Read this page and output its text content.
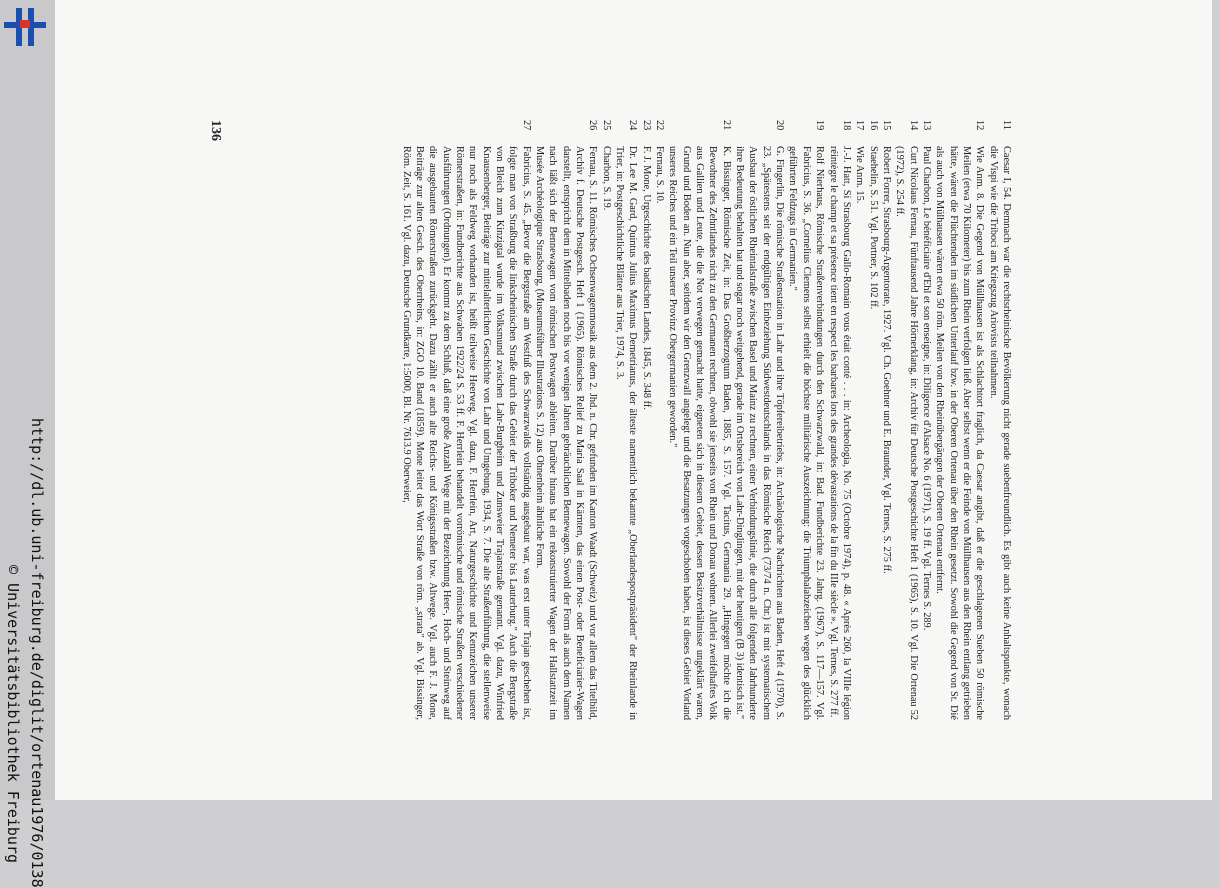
http://dl.ub.uni-freiburg.de/diglit/ortenau1976/0138
© Universitätsbibliothek Freiburg

11
Caesar I, 54. Demnach war die rechtsrheinische Bevölkerung nicht gerade suebenfreundlich. Es gibt auch keine Anhaltspunkte, wonach die Vispi wie die Triboci am Kriegszug Ariovists teilnahmen.

12
Wie Anm. 8. Die Gegend von Müllhausen ist als Schlachtort fraglich, da Caesar angibt, daß er die geschlagenen Sueben 50 römische Meilen (etwa 70 Kilometer) bis zum Rhein verfolgen ließ. Aber selbst wenn er die Feinde von Müllhausen aus den Rhein entlang getrieben hätte, wären die Flüchtenden im südlichen Unterlauf bzw. in der Oberen Ortenau über den Rhein gesetzt. Sowohl die Gegend von St. Dié als auch von Mülhausen wären etwa 50 röm. Meilen von den Rheinübergängen der Oberen Ortenau entfernt.

13
Paul Charbon, Le bénéficiaire d'Ehl et son enseigne, in: Diligence d'Alsace No. 6 (1971), S. 19 ff. Vgl. Ternes S. 289.

14
Curt Nicolaus Fernau, Fünftausend Jahre Hörnerklang, in: Archiv für Deutsche Postgeschichte Heft 1 (1965), S. 10. Vgl. Die Ortenau 52 (1972), S. 254 ff.

15
Robert Forrer, Strasbourg-Argentorate, 1927. Vgl. Ch. Goehner und E. Braunder, Vgl. Ternes, S. 275 ff.

16
Staehelin, S. 51. Vgl. Portner, S. 102 ff.

17
Wie Anm. 15.

18
J.-J. Hatt, Si Strasbourg Gallo-Romain vous était conté . . . in: Archeologia, No. 75 (Octobre 1974), p. 48. « Après 260, la VIIIe légion réintègre le champ et sa présence tient en respect les barbares lors des grandes dévastations de la fin du IIIe siècle ». Vgl. Ternes, S. 277 ff.

19
Rolf Nierhaus, Römische Straßenverbindungen durch den Schwarzwald, in: Bad. Fundberichte 23. Jahrg. (1967), S. 117—157. Vgl. Fabricius, S. 36. „Cornelius Clemens selbst erhielt die höchste militärische Auszeichnung: die Triumphalabzeichen wegen des glücklich geführten Feldzugs in Germanien."

20
G. Fingerlin, Die römische Straßenstation in Lahr und ihre Töpfereibetriebs, in: Archäologische Nachrichten aus Baden, Heft 4 (1970), S. 23. „Spätestens seit der endgültigen Einbeziehung Südwestdeutschlands in das Römische Reich (73/74 n. Chr.) ist mit systematischem Ausbau der östlichen Rheintalstraße zwischen Basel und Mainz zu rechnen, einer Verbindungslinie, die durch alle folgenden Jahrhunderte ihre Bedeutung behalten hat und sogar noch weitgehend, gerade im Ortsbereich von Lahr-Dinglingen, mit der heutigen (B 3) identisch ist."

21
K. Bissinger, Römische Zeit, in: Das Großherzogtum Baden, 1885, S. 157. Vgl. Tacitus, Germania 29. „Hingegen möchte ich die Bewohner des Zehntlandes nicht zu den Germanen rechnen, obwohl sie jenseits von Rhein und Donau wohnen. Allerlei zweifelhaftes Volk aus Gallien und Leute, die die Not verwegen gemacht hatte, eigneten sich in diesem Gebiet, dessen Besitzverhältnisse ungeklärt waren, Grund und Boden an. Nun aber, seitdem wir den Grenzwall angelegt und die Besatzungen vorgeschoben haben, ist dieses Gebiet Vorland unseres Reiches und ein Teil unserer Provinz Obergermanien geworden."

22
Fernau, S. 10.

23
F. J. Mone, Urgeschichte des badischen Landes, 1845, S. 348 ff.

24
Dr. Lee M. Gard, Quintus Julius Maximus Demetrianus, der älteste namentlich bekannte „Oberlandespostpräsident" der Rheinlande in Trier, in: Postgeschichtliche Blätter aus Trier, 1974, S. 3.

25
Charbon, S. 19.

26
Fernau, S. 11. Römisches Ochsenwagenmosaik aus dem 2. Jhd. n. Chr. gefunden im Kanton Waadt (Schweiz) und vor allem das Titelbild, Archiv f. Deutsche Postgesch. Heft 1 (1965). Römisches Relief zu Maria Saal in Kärnten, das einen Post- oder Beneficiarier-Wagen darstellt, entspricht dem in Mittelbaden noch bis vor wenigen Jahren gebräuchlichen Bennewagen. Sowohl der Form als auch dem Namen nach läßt sich der Bennewagen vom römischen Postwagen ableiten. Darüber hinaus hat ein rekonstruierter Wagen der Hallstattzeit im Musée Archéologique Strasbourg, (Museumsführer Illustrations S. 12) aus Ohnenheim ähnliche Form.

27
Fabricius, S. 45. „Bevor die Bergstraße am Westfuß des Schwarzwalds vollständig ausgebaut war, was erst unter Trajan geschehen ist, folgte man von Straßburg die linksrheinischen Straße durch das Gebiet der Triboker und Nemeter bis Lauterburg." Auch die Bergstraße von Bleich zum Kinzigtal wurde im Volksmund zwischen Lahr-Burgheim und Zunsweier Trajanstraße genannt. Vgl. dazu, Winfried Knausenberger, Beiträge zur mittelalterlichen Geschichte von Lahr und Umgebung, 1934, S. 7. Die alte Straßenführung, die stellenweise nur noch als Feldweg vorhanden ist, heißt teilweise Heerweg. Vgl. dazu, F. Herrlein, Art, Naturgeschichte und Kennzeichen unserer Römerstraßen, in: Fundberichte aus Schwaben 1922/24 S. 53 ff. F. Herrlein behandelt vorrömische und römische Straßen verschiedener Ausführungen (Ordnungen). Er kommt zu dem Schluß, daß eine große Anzahl Wege mit der Bezeichnung Heer-, Hoch- und Steinweg auf die ausgebauten Römerstraßen zurückgeht. Dazu zählt er auch alte Reichs- und Königsstraßen bzw. Altwege. Vgl. auch F. J. Mone, Beiträge zur alten Gesch. des Oberrheins, in: ZGO 10. Band (1859). Mone leitet das Wort Straße von röm. „strata" ab. Vgl. Bissinger, Röm. Zeit, S. 161. Vgl. dazu, Deutsche Grundkarte, 1:5000, Bl. Nr. 7613.9 Oberweier,

136
